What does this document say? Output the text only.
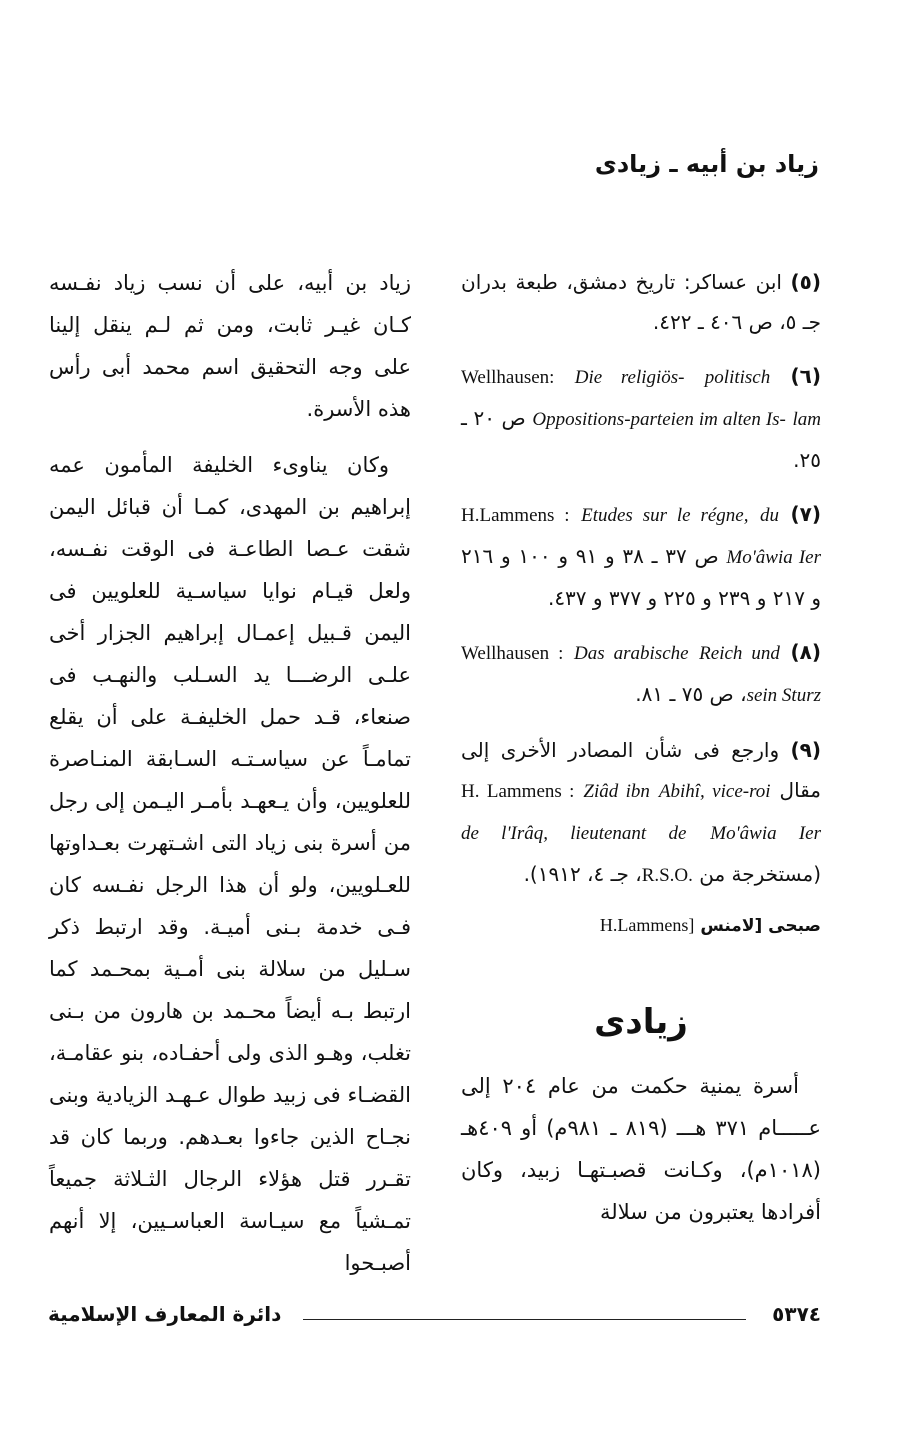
زياد بن أبيه ـ زيادى

(٥) ابن عساكر: تاريخ دمشق، طبعة بدران جـ ٥، ص ٤٠٦ ـ ٤٢٢.

(٦) Wellhausen: Die religiös- politisch Oppositions-parteien im alten Is- lam ص ٢٠ ـ ٢٥.

(٧) H.Lammens : Etudes sur le régne, du Mo'âwia Ier ص ٣٧ ـ ٣٨ و ٩١ و ١٠٠ و ٢١٦ و ٢١٧ و ٢٣٩ و ٢٢٥ و ٣٧٧ و ٤٣٧.

(٨) Wellhausen : Das arabische Reich und sein Sturz، ص ٧٥ ـ ٨١.

(٩) وارجع فى شأن المصادر الأخرى إلى مقال H. Lammens : Ziâd ibn Abihî, vice-roi de l'Irâq, lieutenant de Mo'âwia Ier (مستخرجة من R.S.O.، جـ ٤، ١٩١٢).

صبحى [لامنس H.Lammens]
زيادى

أسرة يمنية حكمت من عام ٢٠٤ إلى عـــــام ٣٧١ هـــ (٨١٩ ـ ٩٨١م) أو ٤٠٩هـ (١٠١٨م)، وكـانت قصبـتهـا زبيد، وكان أفرادها يعتبرون من سلالة

زياد بن أبيه، على أن نسب زياد نفـسه كـان غيـر ثابت، ومن ثم لـم ينقل إلينا على وجه التحقيق اسم محمد أبى رأس هذه الأسرة.

وكان يناوىء الخليفة المأمون عمه إبراهيم بن المهدى، كمـا أن قبائل اليمن شقت عـصا الطاعـة فى الوقت نفـسه، ولعل قيـام نوايا سياسـية للعلويين فى اليمن قـبيل إعمـال إبراهيم الجزار أخى علـى الرضـــا يد السـلب والنهـب فى صنعاء، قـد حمل الخليفـة على أن يقلع تمامـاً عن سياسـتـه السـابقة المنـاصرة للعلويين، وأن يـعهـد بأمـر اليـمن إلى رجل من أسرة بنى زياد التى اشـتهرت بعـداوتها للعـلويين، ولو أن هذا الرجل نفـسه كان فـى خدمة بـنى أميـة. وقد ارتبط ذكر سـليل من سلالة بنى أمـية بمحـمد كما ارتبط بـه أيضاً محـمد بن هارون من بـنى تغلب، وهـو الذى ولى أحفـاده، بنو عقامـة، القضـاء فى زبيد طوال عـهـد الزيادية وبنى نجـاح الذين جاءوا بعـدهم. وربما كان قد تقـرر قتل هؤلاء الرجال الثـلاثة جميعاً تمـشياً مع سيـاسة العباسـيين، إلا أنهم أصبـحوا

دائرة المعارف الإسلامية	٥٣٧٤
